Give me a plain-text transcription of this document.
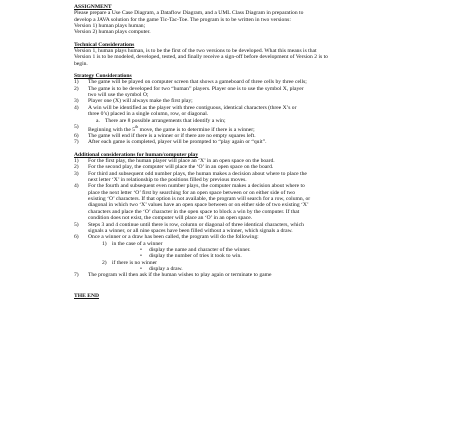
ASSIGNMENT

Please prepare a Use Case Diagram, a Dataflow Diagram, and a UML Class Diagram in preparation to

develop a JAVA solution for the game Tic-Tac-Toe. The program is to be written in two versions:

Version 1) human plays human;

Version 2) human plays computer.

Technical Considerations

Version 1, human plays human, is to be the first of the two versions to be developed. What this means is that

Version 1 is to be modeled, developed, tested, and finally receive a sign-off before development of Version 2 is to

begin.

Strategy Considerations

1)	The game will be played on computer screen that shows a gameboard of three cells by three cells;
2)	The game is to be developed for two “human” players. Player one is to use the symbol X, player
two will use the symbol O;
3)	Player one (X) will always make the first play;
4)	A win will be identified as the player with three contiguous, identical characters (three X’s or
three 0’s) placed in a single column, row, or diagonal.
a. There are 8 possible arrangements that identify a win;
5)	Beginning with the 5th move, the game is to determine if there is a winner;
6)	The game will end if there is a winner or if there are no empty squares left.
7)	After each game is completed, player will be prompted to “play again or “quit”.

Additional considerations for human/computer play

1)	For the first play, the human player will place an ‘X’ in an open space on the board.
2)	For the second play, the computer will place the ‘O’ in an open space on the board.
3)	For third and subsequent odd number plays, the human makes a decision about where to place the
next letter ‘X’ in relationship to the positions filled by previous moves.
4)	For the fourth and subsequent even number plays, the computer makes a decision about where to
place the next letter ‘O’ first by searching for an open space between or on either side of two
existing ‘O’ characters. If that option is not available, the program will search for a row, column, or
diagonal in which two ‘X’ values have an open space between or on either side of two existing ‘X’
characters and place the ‘O’ character in the open space to block a win by the computer. If that
condition does not exist, the computer will place an ‘O’ in an open space.
5)	Steps 3 and 4 continue until there is row, column or diagonal of three identical characters, which
signals a winner, or all nine spaces have been filled without a winner, which signals a draw.
6)	Once a winner or a draw has been called, the program will do the following:
1) in the case of a winner
•	display the name and character of the winner.
•	display the number of tries it took to win.
2) if there is no winner
•	display a draw.
7)	The program will then ask if the human wishes to play again or terminate to game

THE END
